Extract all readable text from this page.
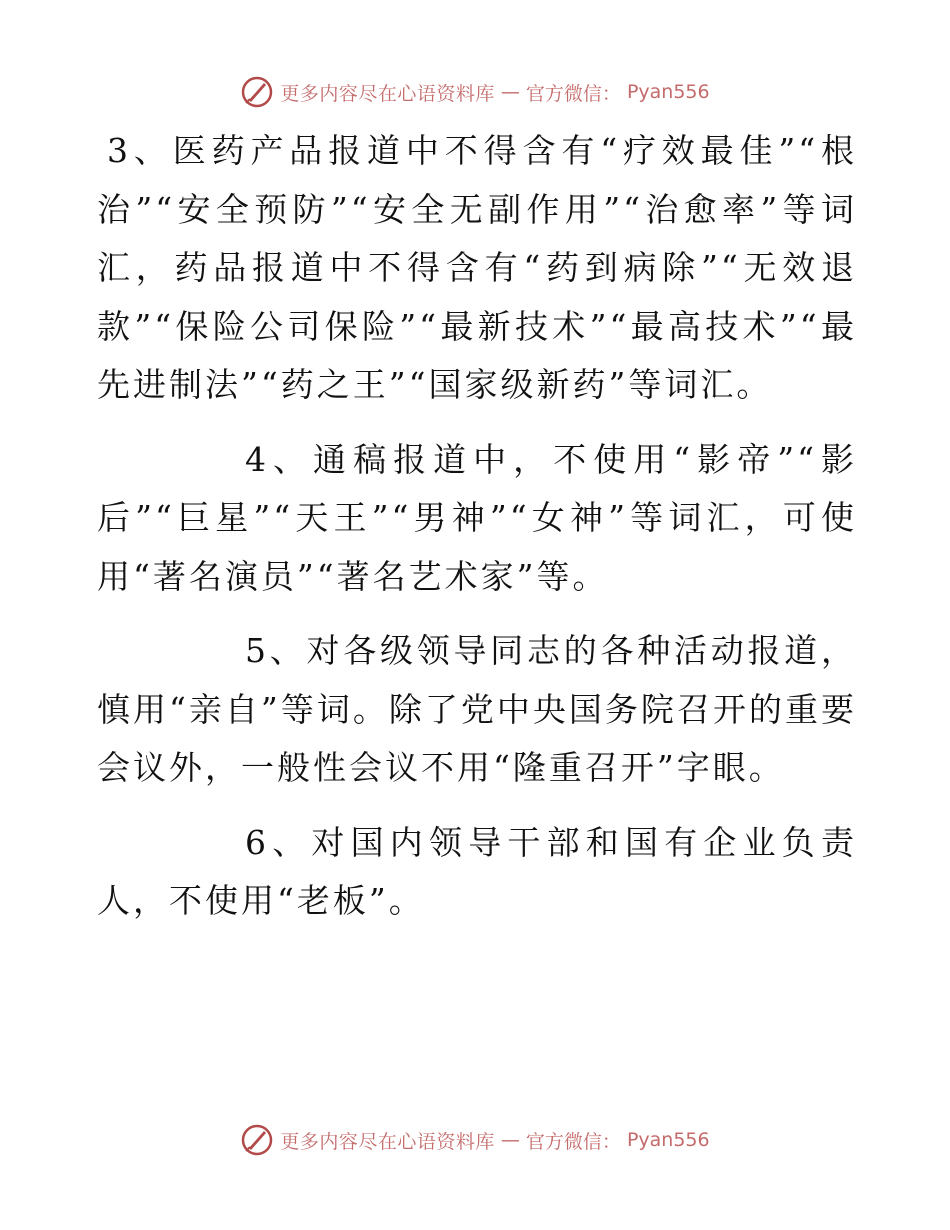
更多内容尽在心语资料库 — 官方微信： Pyan556

3、医药产品报道中不得含有“疗效最佳”“根治”“安全预防”“安全无副作用”“治愈率”等词汇，药品报道中不得含有“药到病除”“无效退款”“保险公司保险”“最新技术”“最高技术”“最先进制法”“药之王”“国家级新药”等词汇。

4、通稿报道中，不使用“影帝”“影后”“巨星”“天王”“男神”“女神”等词汇，可使用“著名演员”“著名艺术家”等。

5、对各级领导同志的各种活动报道，慎用“亲自”等词。除了党中央国务院召开的重要会议外，一般性会议不用“隆重召开”字眼。

6、对国内领导干部和国有企业负责人，不使用“老板”。

更多内容尽在心语资料库 — 官方微信： Pyan556
